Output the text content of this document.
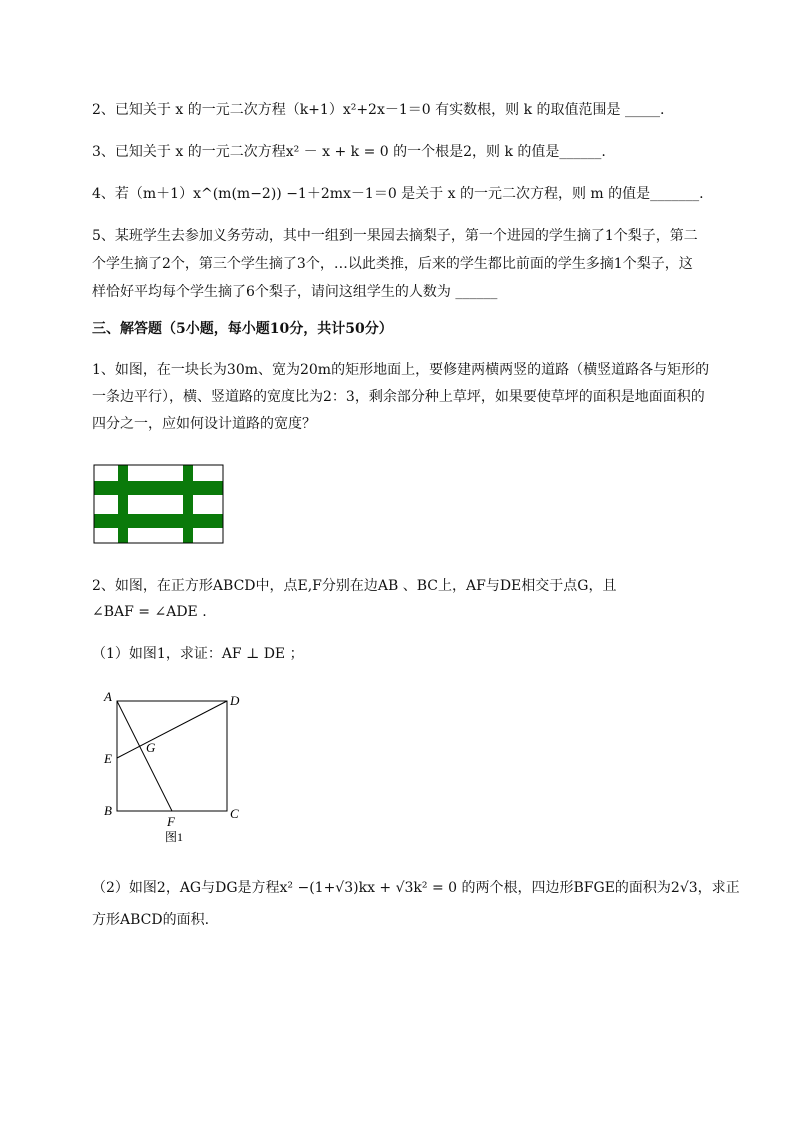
2、已知关于 x 的一元二次方程（k+1）x²+2x－1＝0 有实数根，则 k 的取值范围是 _____.
3、已知关于 x 的一元二次方程x² － x + k = 0 的一个根是2，则 k 的值是______.
4、若（m＋1）x^(m(m−2)) −1＋2mx－1＝0 是关于 x 的一元二次方程，则 m 的值是_______.
5、某班学生去参加义务劳动，其中一组到一果园去摘梨子，第一个进园的学生摘了1个梨子，第二
个学生摘了2个，第三个学生摘了3个，…以此类推，后来的学生都比前面的学生多摘1个梨子，这
样恰好平均每个学生摘了6个梨子，请问这组学生的人数为 ______
三、解答题（5小题，每小题10分，共计50分）
1、如图，在一块长为30m、宽为20m的矩形地面上，要修建两横两竖的道路（横竖道路各与矩形的
一条边平行），横、竖道路的宽度比为2：3，剩余部分种上草坪，如果要使草坪的面积是地面面积的
四分之一，应如何设计道路的宽度？
2、如图，在正方形ABCD中，点E,F分别在边AB 、BC上，AF与DE相交于点G，且
∠BAF = ∠ADE .
（1）如图1，求证：AF ⊥ DE ；
A	D
E
G
B	C
F
图1
（2）如图2，AG与DG是方程x² −(1+√3)kx + √3k² = 0 的两个根，四边形BFGE的面积为2√3，求正
方形ABCD的面积.
